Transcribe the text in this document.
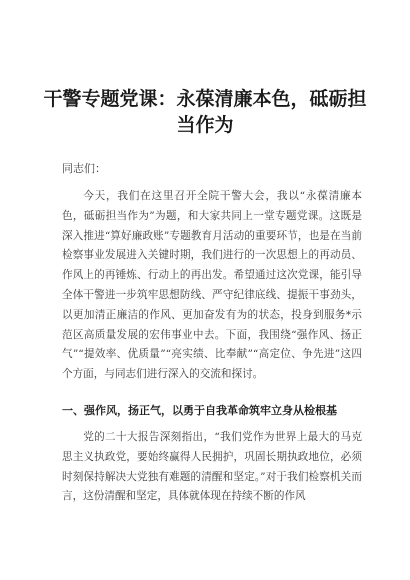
干警专题党课：永葆清廉本色，砥砺担当作为
同志们：
今天，我们在这里召开全院干警大会，我以“永葆清廉本色，砥砺担当作为”为题，和大家共同上一堂专题党课。这既是深入推进“算好廉政账”专题教育月活动的重要环节，也是在当前检察事业发展进入关键时期，我们进行的一次思想上的再动员、作风上的再锤炼、行动上的再出发。希望通过这次党课，能引导全体干警进一步筑牢思想防线、严守纪律底线、提振干事劲头，以更加清正廉洁的作风、更加奋发有为的状态，投身到服务*示范区高质量发展的宏伟事业中去。下面，我围绕“强作风、扬正气”“提效率、优质量”“亮实绩、比奉献”“高定位、争先进”这四个方面，与同志们进行深入的交流和探讨。
一、强作风，扬正气，以勇于自我革命筑牢立身从检根基
党的二十大报告深刻指出，“我们党作为世界上最大的马克思主义执政党，要始终赢得人民拥护，巩固长期执政地位，必须时刻保持解决大党独有难题的清醒和坚定。”对于我们检察机关而言，这份清醒和坚定，具体就体现在持续不断的作风
